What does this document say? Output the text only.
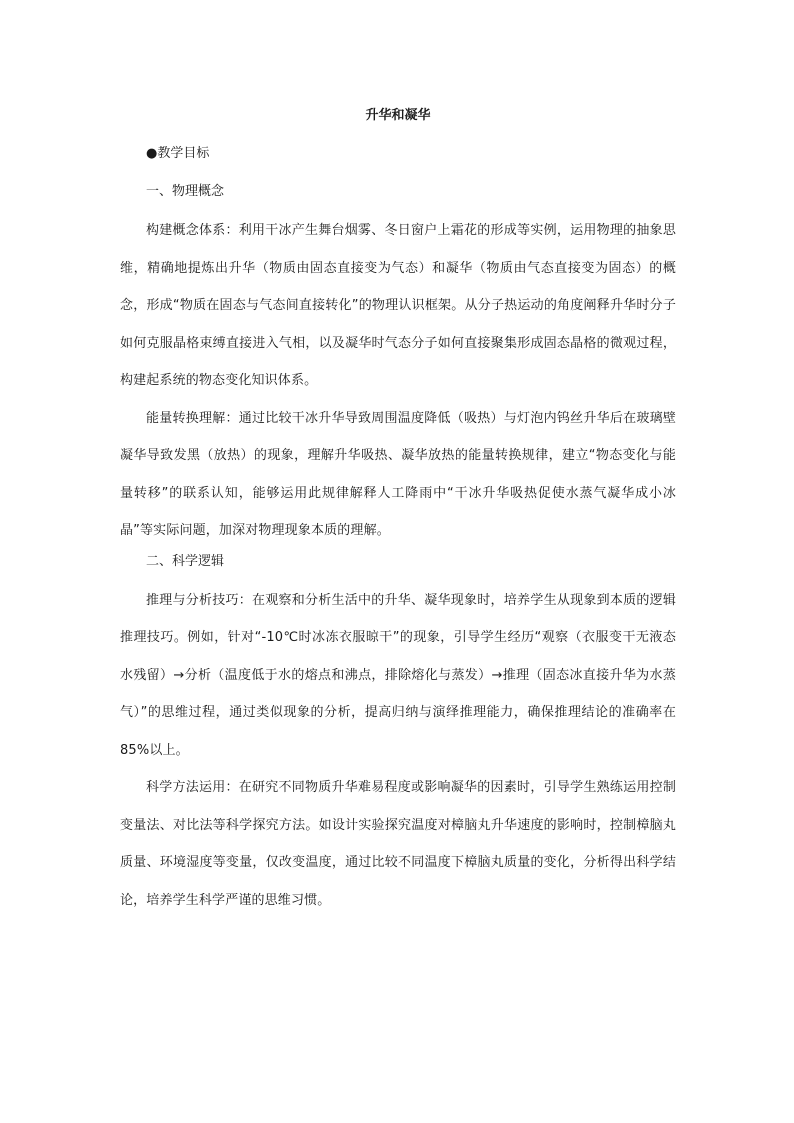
升华和凝华
●教学目标
一、物理概念

构建概念体系：利用干冰产生舞台烟雾、冬日窗户上霜花的形成等实例，运用物理的抽象思维，精确地提炼出升华（物质由固态直接变为气态）和凝华（物质由气态直接变为固态）的概念，形成“物质在固态与气态间直接转化”的物理认识框架。从分子热运动的角度阐释升华时分子如何克服晶格束缚直接进入气相，以及凝华时气态分子如何直接聚集形成固态晶格的微观过程，构建起系统的物态变化知识体系。

能量转换理解：通过比较干冰升华导致周围温度降低（吸热）与灯泡内钨丝升华后在玻璃壁凝华导致发黑（放热）的现象，理解升华吸热、凝华放热的能量转换规律，建立“物态变化与能量转移”的联系认知，能够运用此规律解释人工降雨中“干冰升华吸热促使水蒸气凝华成小冰晶”等实际问题，加深对物理现象本质的理解。

二、科学逻辑

推理与分析技巧：在观察和分析生活中的升华、凝华现象时，培养学生从现象到本质的逻辑推理技巧。例如，针对“-10℃时冰冻衣服晾干”的现象，引导学生经历“观察（衣服变干无液态水残留）→分析（温度低于水的熔点和沸点，排除熔化与蒸发）→推理（固态冰直接升华为水蒸气）”的思维过程，通过类似现象的分析，提高归纳与演绎推理能力，确保推理结论的准确率在85%以上。

科学方法运用：在研究不同物质升华难易程度或影响凝华的因素时，引导学生熟练运用控制变量法、对比法等科学探究方法。如设计实验探究温度对樟脑丸升华速度的影响时，控制樟脑丸质量、环境湿度等变量，仅改变温度，通过比较不同温度下樟脑丸质量的变化，分析得出科学结论，培养学生科学严谨的思维习惯。
